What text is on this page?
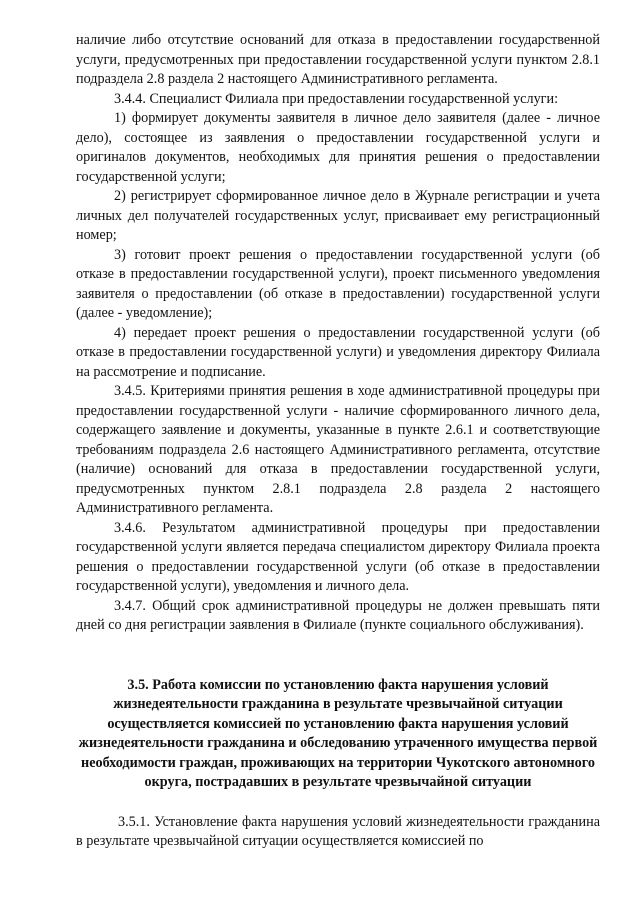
наличие либо отсутствие оснований для отказа в предоставлении государственной услуги, предусмотренных при предоставлении государственной услуги пунктом 2.8.1 подраздела 2.8 раздела 2 настоящего Административного регламента.

3.4.4. Специалист Филиала при предоставлении государственной услуги:

1) формирует документы заявителя в личное дело заявителя (далее - личное дело), состоящее из заявления о предоставлении государственной услуги и оригиналов документов, необходимых для принятия решения о предоставлении государственной услуги;

2) регистрирует сформированное личное дело в Журнале регистрации и учета личных дел получателей государственных услуг, присваивает ему регистрационный номер;

3) готовит проект решения о предоставлении государственной услуги (об отказе в предоставлении государственной услуги), проект письменного уведомления заявителя о предоставлении (об отказе в предоставлении) государственной услуги (далее - уведомление);

4) передает проект решения о предоставлении государственной услуги (об отказе в предоставлении государственной услуги) и уведомления директору Филиала на рассмотрение и подписание.

3.4.5. Критериями принятия решения в ходе административной процедуры при предоставлении государственной услуги - наличие сформированного личного дела, содержащего заявление и документы, указанные в пункте 2.6.1 и соответствующие требованиям подраздела 2.6 настоящего Административного регламента, отсутствие (наличие) оснований для отказа в предоставлении государственной услуги, предусмотренных пунктом 2.8.1 подраздела 2.8 раздела 2 настоящего Административного регламента.

3.4.6. Результатом административной процедуры при предоставлении государственной услуги является передача специалистом директору Филиала проекта решения о предоставлении государственной услуги (об отказе в предоставлении государственной услуги), уведомления и личного дела.

3.4.7. Общий срок административной процедуры не должен превышать пяти дней со дня регистрации заявления в Филиале (пункте социального обслуживания).

3.5. Работа комиссии по установлению факта нарушения условий жизнедеятельности гражданина в результате чрезвычайной ситуации осуществляется комиссией по установлению факта нарушения условий жизнедеятельности гражданина и обследованию утраченного имущества первой необходимости граждан, проживающих на территории Чукотского автономного округа, пострадавших в результате чрезвычайной ситуации

3.5.1. Установление факта нарушения условий жизнедеятельности гражданина в результате чрезвычайной ситуации осуществляется комиссией по
